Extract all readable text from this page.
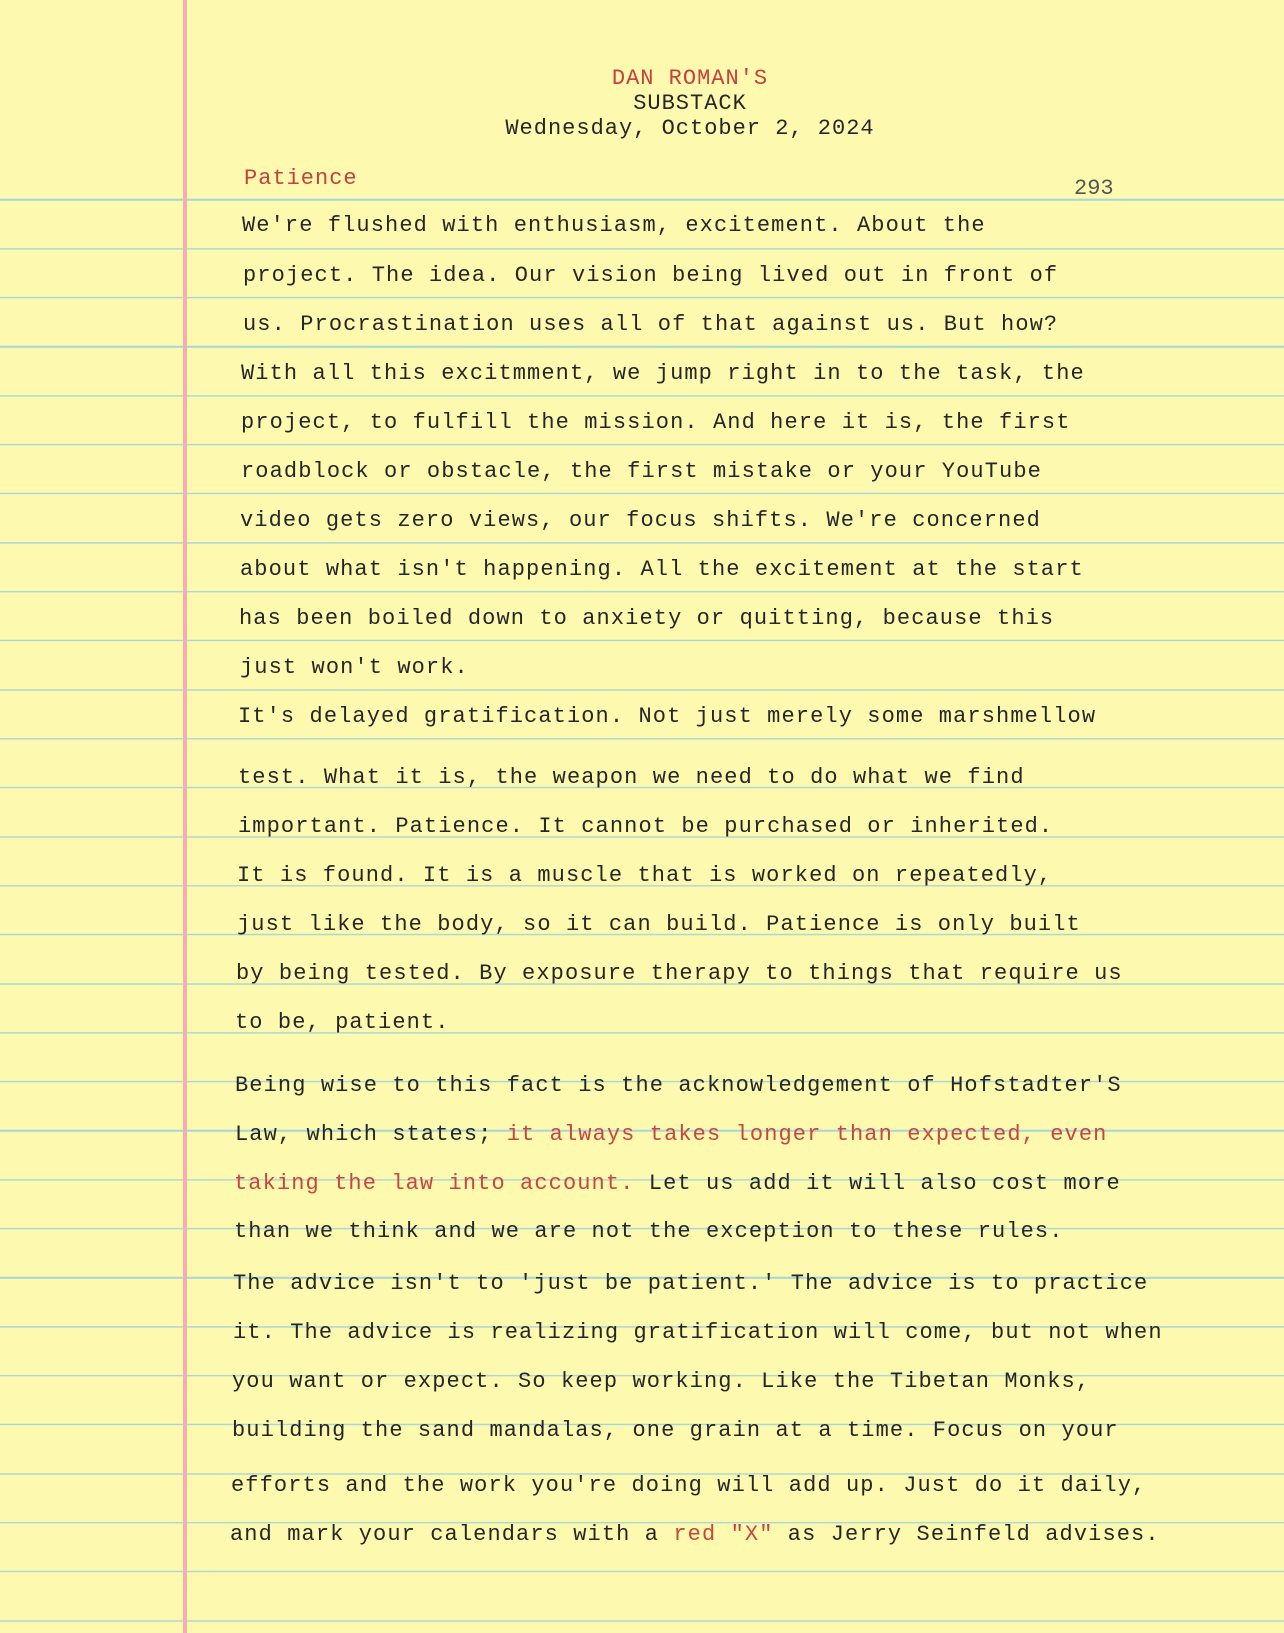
DAN ROMAN'S
SUBSTACK
Wednesday, October 2, 2024
Patience	293
We're flushed with enthusiasm, excitement. About the
project. The idea. Our vision being lived out in front of
us. Procrastination uses all of that against us. But how?
With all this excitmment, we jump right in to the task, the
project, to fulfill the mission. And here it is, the first
roadblock or obstacle, the first mistake or your YouTube
video gets zero views, our focus shifts. We're concerned
about what isn't happening. All the excitement at the start
has been boiled down to anxiety or quitting, because this
just won't work.
It's delayed gratification. Not just merely some marshmellow
test. What it is, the weapon we need to do what we find
important. Patience. It cannot be purchased or inherited.
It is found. It is a muscle that is worked on repeatedly,
just like the body, so it can build. Patience is only built
by being tested. By exposure therapy to things that require us
to be, patient.
Being wise to this fact is the acknowledgement of Hofstadter'S
Law, which states; it always takes longer than expected, even
taking the law into account. Let us add it will also cost more
than we think and we are not the exception to these rules.
The advice isn't to 'just be patient.' The advice is to practice
it. The advice is realizing gratification will come, but not when
you want or expect. So keep working. Like the Tibetan Monks,
building the sand mandalas, one grain at a time. Focus on your
efforts and the work you're doing will add up. Just do it daily,
and mark your calendars with a red "X" as Jerry Seinfeld advises.
